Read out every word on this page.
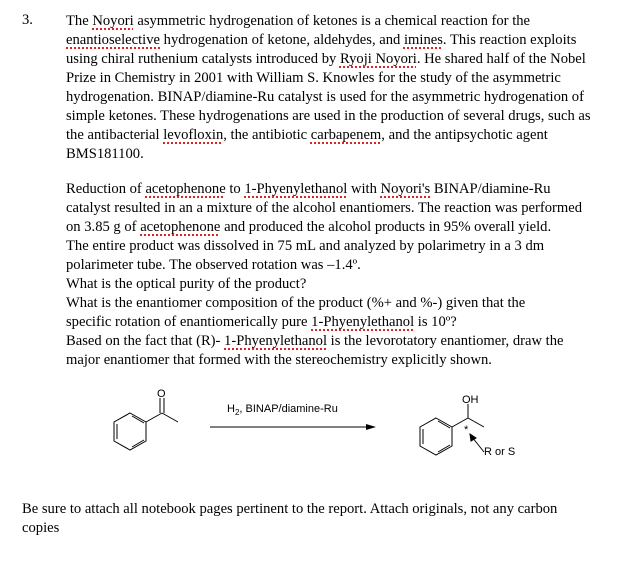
3. The Noyori asymmetric hydrogenation of ketones is a chemical reaction for the
enantioselective hydrogenation of ketone, aldehydes, and imines. This reaction exploits
using chiral ruthenium catalysts introduced by Ryoji Noyori. He shared half of the Nobel
Prize in Chemistry in 2001 with William S. Knowles for the study of the asymmetric
hydrogenation. BINAP/diamine-Ru catalyst is used for the asymmetric hydrogenation of
simple ketones. These hydrogenations are used in the production of several drugs, such as
the antibacterial levofloxin, the antibiotic carbapenem, and the antipsychotic agent
BMS181100.
Reduction of acetophenone to 1-Phyenylethanol with Noyori's BINAP/diamine-Ru
catalyst resulted in an a mixture of the alcohol enantiomers. The reaction was performed
on 3.85 g of acetophenone and produced the alcohol products in 95% overall yield.
The entire product was dissolved in 75 mL and analyzed by polarimetry in a 3 dm
polarimeter tube. The observed rotation was –1.4º.
What is the optical purity of the product?
What is the enantiomer composition of the product (%+ and %-) given that the
specific rotation of enantiomerically pure 1-Phyenylethanol is 10º?
Based on the fact that (R)- 1-Phyenylethanol is the levorotatory enantiomer, draw the
major enantiomer that formed with the stereochemistry explicitly shown.
O
$H_2$, BINAP/diamine-Ru
OH
*
R or S
Be sure to attach all notebook pages pertinent to the report. Attach originals, not any carbon
copies
